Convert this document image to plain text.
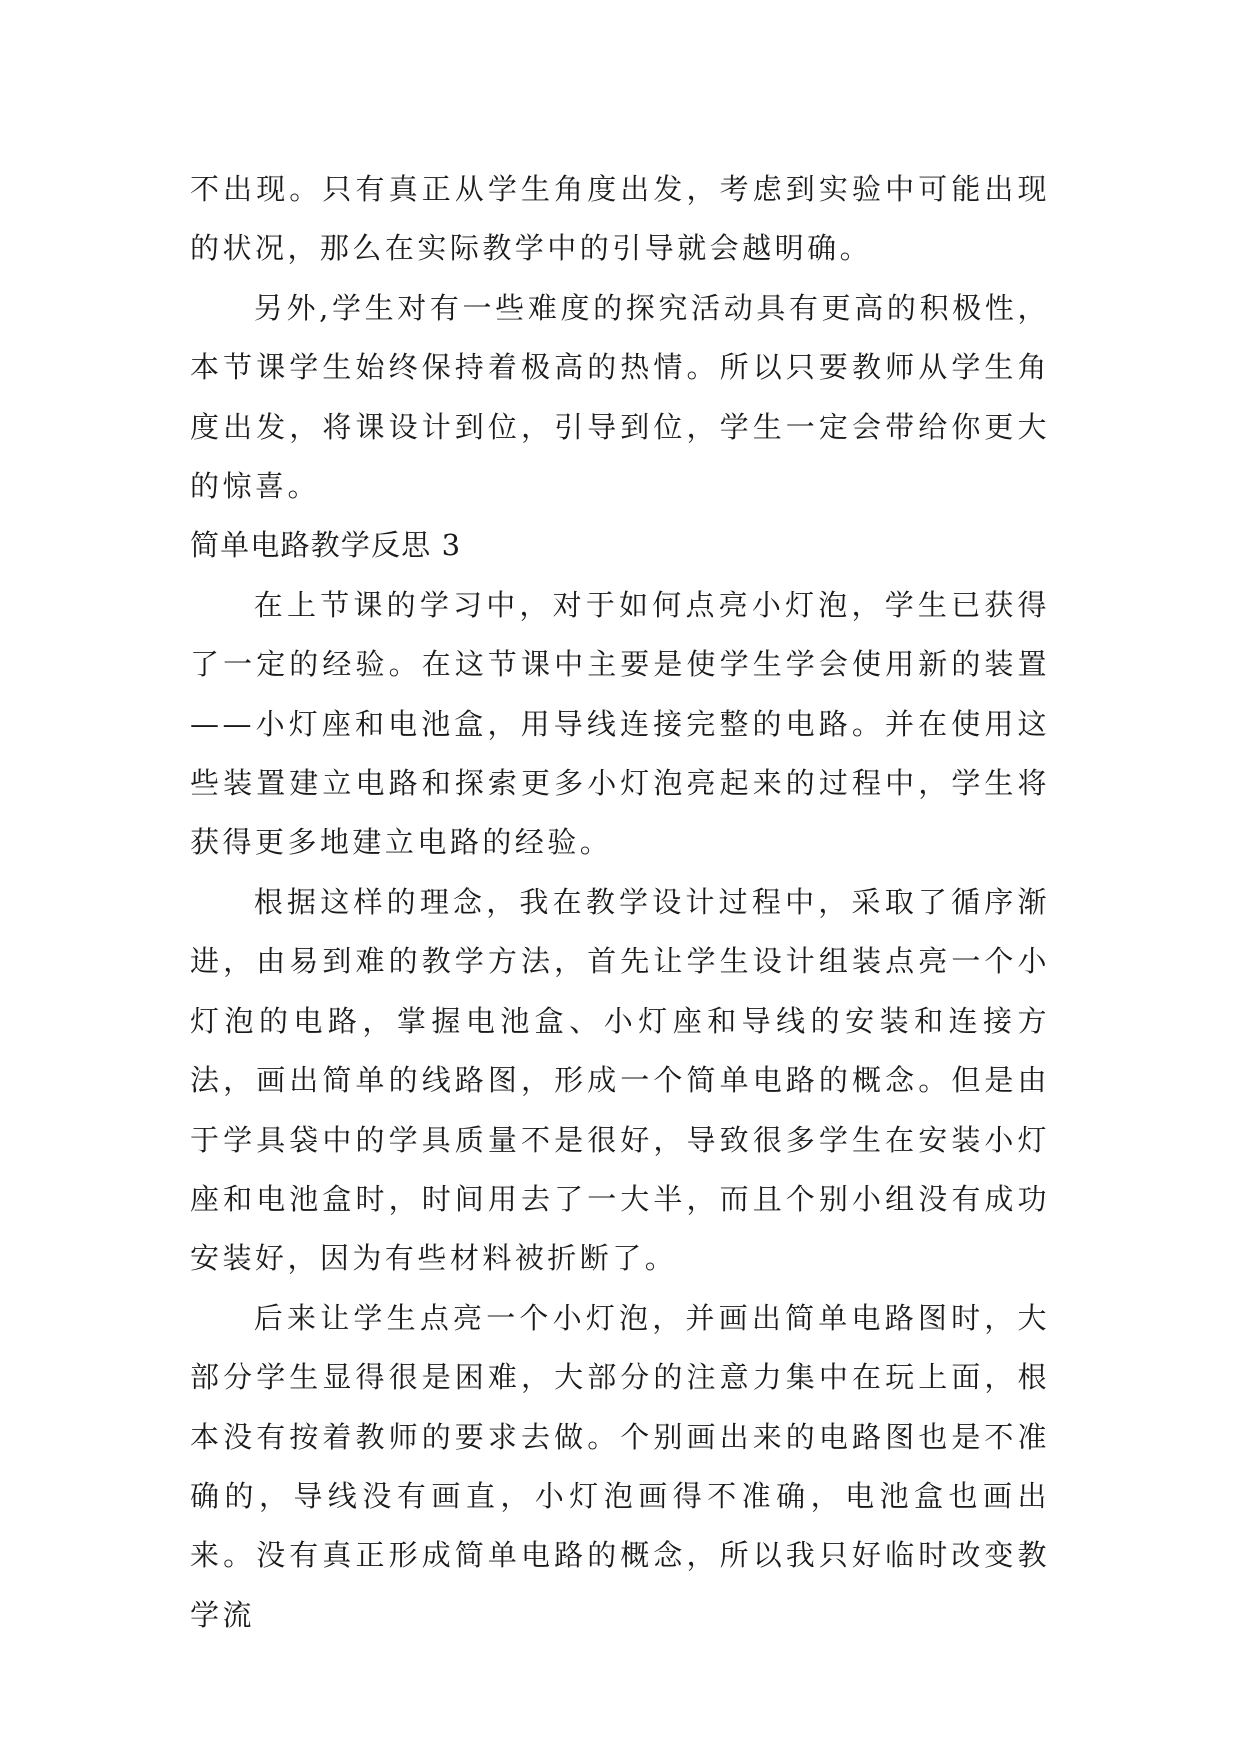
不出现。只有真正从学生角度出发，考虑到实验中可能出现的状况，那么在实际教学中的引导就会越明确。

另外,学生对有一些难度的探究活动具有更高的积极性，本节课学生始终保持着极高的热情。所以只要教师从学生角度出发，将课设计到位，引导到位，学生一定会带给你更大的惊喜。

简单电路教学反思 3

在上节课的学习中，对于如何点亮小灯泡，学生已获得了一定的经验。在这节课中主要是使学生学会使用新的装置——小灯座和电池盒，用导线连接完整的电路。并在使用这些装置建立电路和探索更多小灯泡亮起来的过程中，学生将获得更多地建立电路的经验。

根据这样的理念，我在教学设计过程中，采取了循序渐进，由易到难的教学方法，首先让学生设计组装点亮一个小灯泡的电路，掌握电池盒、小灯座和导线的安装和连接方法，画出简单的线路图，形成一个简单电路的概念。但是由于学具袋中的学具质量不是很好，导致很多学生在安装小灯座和电池盒时，时间用去了一大半，而且个别小组没有成功安装好，因为有些材料被折断了。

后来让学生点亮一个小灯泡，并画出简单电路图时，大部分学生显得很是困难，大部分的注意力集中在玩上面，根本没有按着教师的要求去做。个别画出来的电路图也是不准确的，导线没有画直，小灯泡画得不准确，电池盒也画出来。没有真正形成简单电路的概念，所以我只好临时改变教学流
